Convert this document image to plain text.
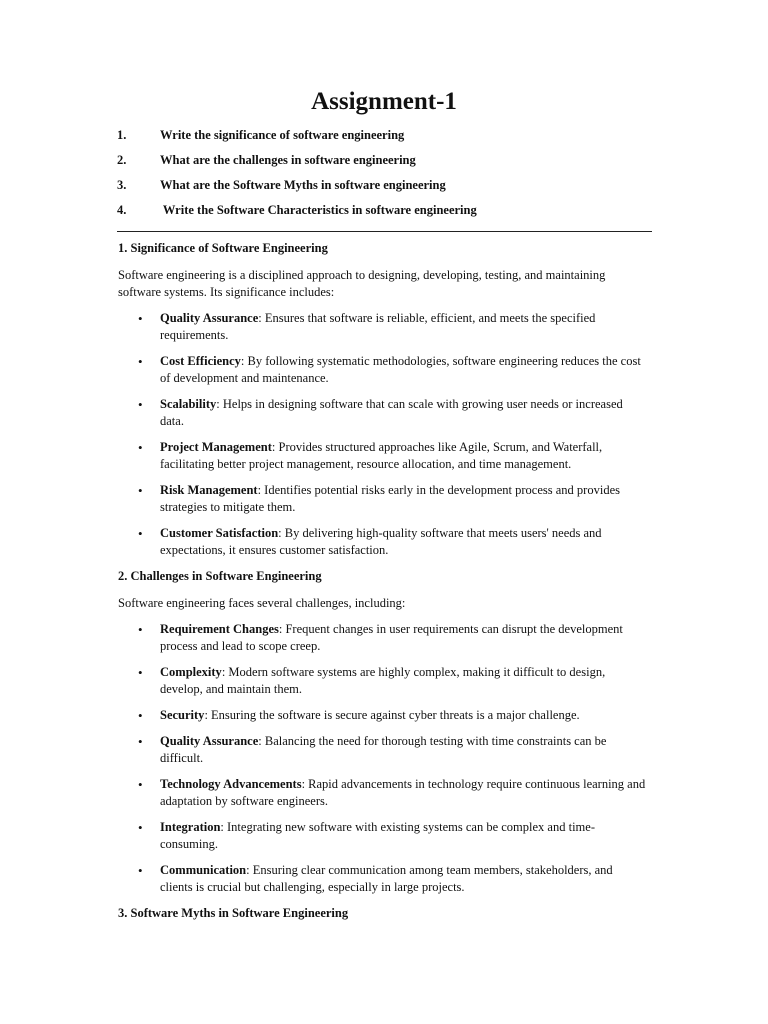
Assignment-1
1.	Write the significance of software engineering
2.	What are the challenges in software engineering
3.	What are the Software Myths in software engineering
4.	Write the Software Characteristics in software engineering
1. Significance of Software Engineering

Software engineering is a disciplined approach to designing, developing, testing, and maintaining software systems. Its significance includes:

• Quality Assurance: Ensures that software is reliable, efficient, and meets the specified requirements.
• Cost Efficiency: By following systematic methodologies, software engineering reduces the cost of development and maintenance.
• Scalability: Helps in designing software that can scale with growing user needs or increased data.
• Project Management: Provides structured approaches like Agile, Scrum, and Waterfall, facilitating better project management, resource allocation, and time management.
• Risk Management: Identifies potential risks early in the development process and provides strategies to mitigate them.
• Customer Satisfaction: By delivering high-quality software that meets users' needs and expectations, it ensures customer satisfaction.
2. Challenges in Software Engineering

Software engineering faces several challenges, including:

• Requirement Changes: Frequent changes in user requirements can disrupt the development process and lead to scope creep.
• Complexity: Modern software systems are highly complex, making it difficult to design, develop, and maintain them.
• Security: Ensuring the software is secure against cyber threats is a major challenge.
• Quality Assurance: Balancing the need for thorough testing with time constraints can be difficult.
• Technology Advancements: Rapid advancements in technology require continuous learning and adaptation by software engineers.
• Integration: Integrating new software with existing systems can be complex and time-consuming.
• Communication: Ensuring clear communication among team members, stakeholders, and clients is crucial but challenging, especially in large projects.
3. Software Myths in Software Engineering
